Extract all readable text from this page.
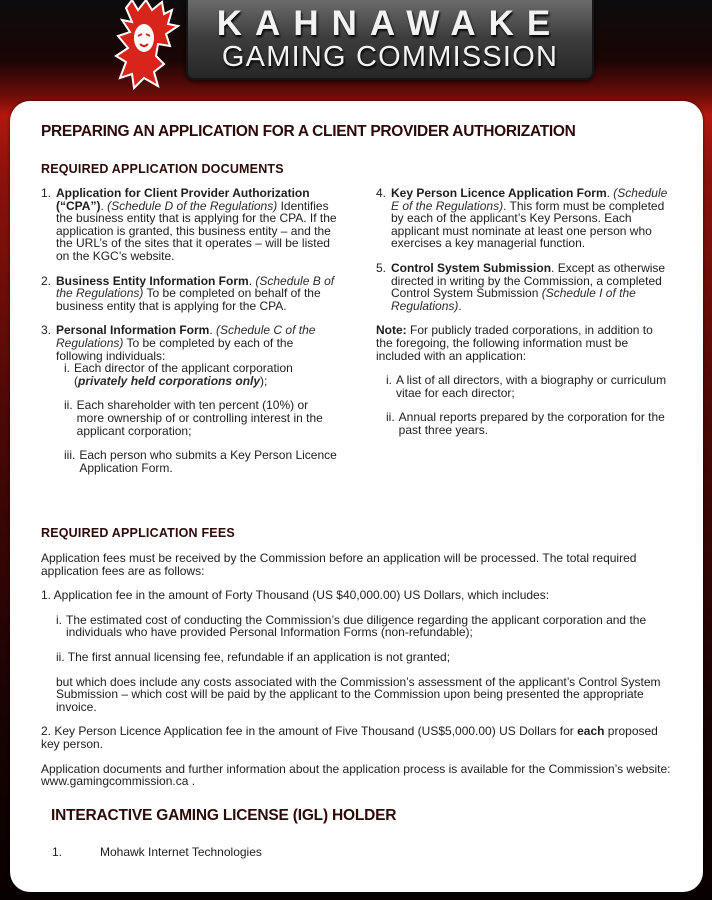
KAHNAWAKE
GAMING COMMISSION
PREPARING AN APPLICATION FOR A CLIENT PROVIDER AUTHORIZATION
REQUIRED APPLICATION DOCUMENTS
1. Application for Client Provider Authorization (“CPA”). (Schedule D of the Regulations) Identifies the business entity that is applying for the CPA. If the application is granted, this business entity – and the the URL’s of the sites that it operates – will be listed on the KGC’s website.
2. Business Entity Information Form. (Schedule B of the Regulations) To be completed on behalf of the business entity that is applying for the CPA.
3. Personal Information Form. (Schedule C of the Regulations) To be completed by each of the following individuals:
i. Each director of the applicant corporation
(privately held corporations only);
ii. Each shareholder with ten percent (10%) or more ownership of or controlling interest in the applicant corporation;
iii. Each person who submits a Key Person Licence Application Form.
4. Key Person Licence Application Form. (Schedule E of the Regulations). This form must be completed by each of the applicant’s Key Persons. Each applicant must nominate at least one person who exercises a key managerial function.
5. Control System Submission. Except as otherwise directed in writing by the Commission, a completed Control System Submission (Schedule I of the Regulations).
Note: For publicly traded corporations, in addition to the foregoing, the following information must be included with an application:
i. A list of all directors, with a biography or curriculum vitae for each director;
ii. Annual reports prepared by the corporation for the past three years.
REQUIRED APPLICATION FEES
Application fees must be received by the Commission before an application will be processed. The total required application fees are as follows:
1. Application fee in the amount of Forty Thousand (US $40,000.00) US Dollars, which includes:
i. The estimated cost of conducting the Commission’s due diligence regarding the applicant corporation and the individuals who have provided Personal Information Forms (non-refundable);
ii. The first annual licensing fee, refundable if an application is not granted;
but which does include any costs associated with the Commission’s assessment of the applicant’s Control System Submission – which cost will be paid by the applicant to the Commission upon being presented the appropriate invoice.
2. Key Person Licence Application fee in the amount of Five Thousand (US$5,000.00) US Dollars for each proposed key person.
Application documents and further information about the application process is available for the Commission’s website: www.gamingcommission.ca .
INTERACTIVE GAMING LICENSE (IGL) HOLDER
1.	Mohawk Internet Technologies
